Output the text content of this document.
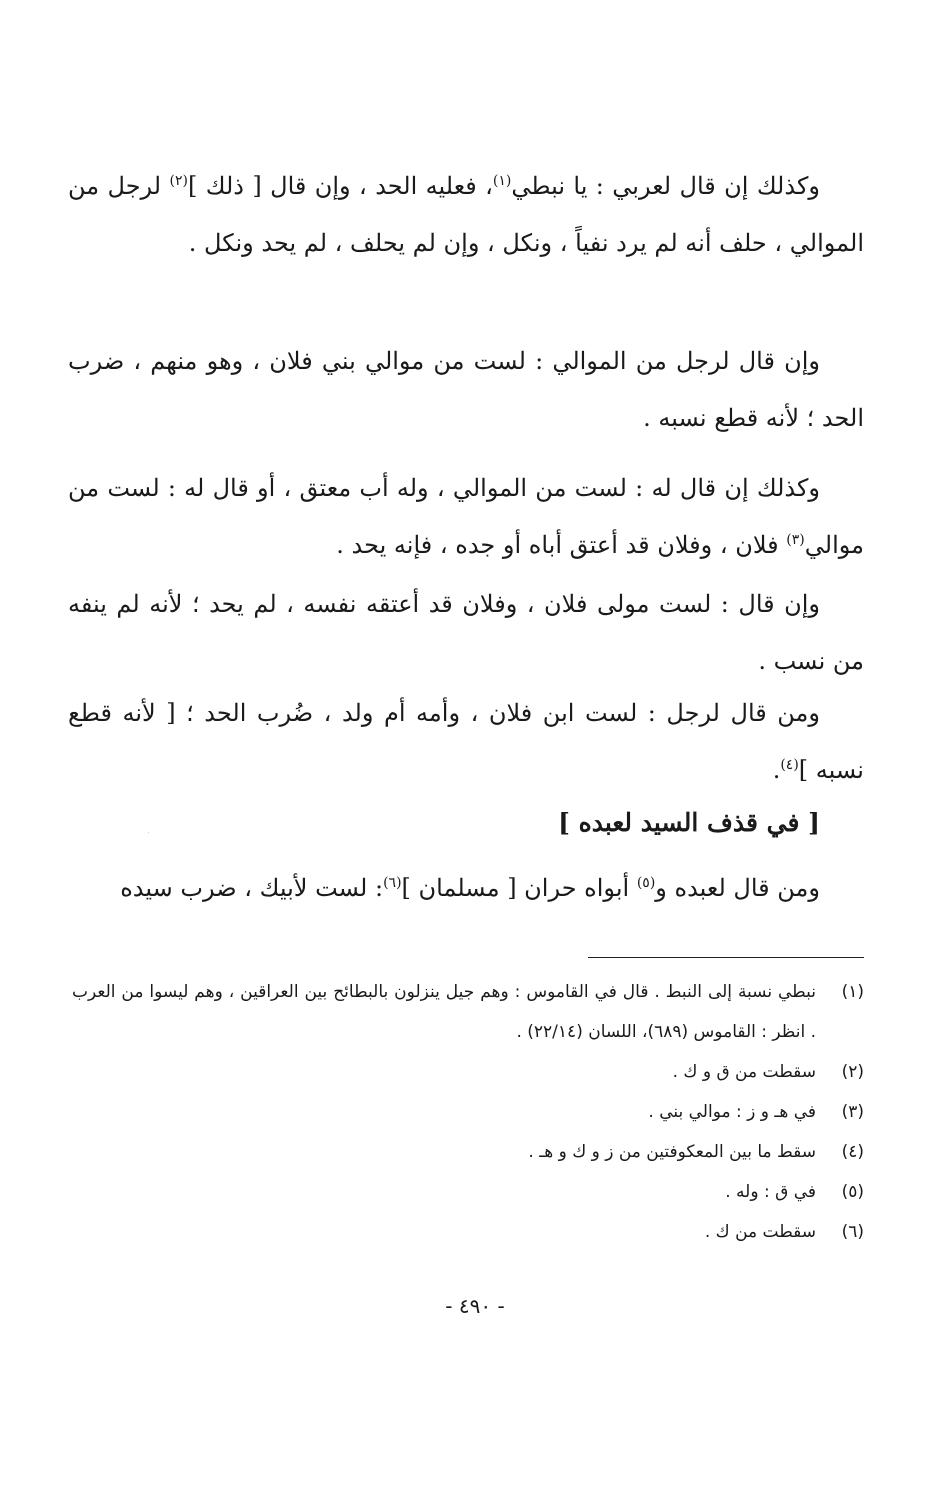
وكذلك إن قال لعربي : يا نبطي$^{(١)}$، فعليه الحد ، وإن قال [ ذلك ]$^{(٢)}$ لرجل من الموالي ، حلف أنه لم يرد نفياً ، ونكل ، وإن لم يحلف ، لم يحد ونكل .

وإن قال لرجل من الموالي : لست من موالي بني فلان ، وهو منهم ، ضرب الحد ؛ لأنه قطع نسبه .

وكذلك إن قال له : لست من الموالي ، وله أب معتق ، أو قال له : لست من موالي$^{(٣)}$ فلان ، وفلان قد أعتق أباه أو جده ، فإنه يحد .

وإن قال : لست مولى فلان ، وفلان قد أعتقه نفسه ، لم يحد ؛ لأنه لم ينفه من نسب .

ومن قال لرجل : لست ابن فلان ، وأمه أم ولد ، ضُرب الحد ؛ [ لأنه قطع نسبه ]$^{(٤)}$.

[ في قذف السيد لعبده ]

ومن قال لعبده و$^{(٥)}$ أبواه حران [ مسلمان ]$^{(٦)}$: لست لأبيك ، ضرب سيده

(١)نبطي نسبة إلى النبط . قال في القاموس : وهم جيل ينزلون بالبطائح بين العراقين ، وهم ليسوا من العرب . انظر : القاموس (٦٨٩)، اللسان (٢٢/١٤) .

(٢)سقطت من ق و ك .

(٣)في هـ و ز : موالي بني .

(٤)سقط ما بين المعكوفتين من ز و ك و هـ .

(٥)في ق : وله .

(٦)سقطت من ك .

- ٤٩٠ -
